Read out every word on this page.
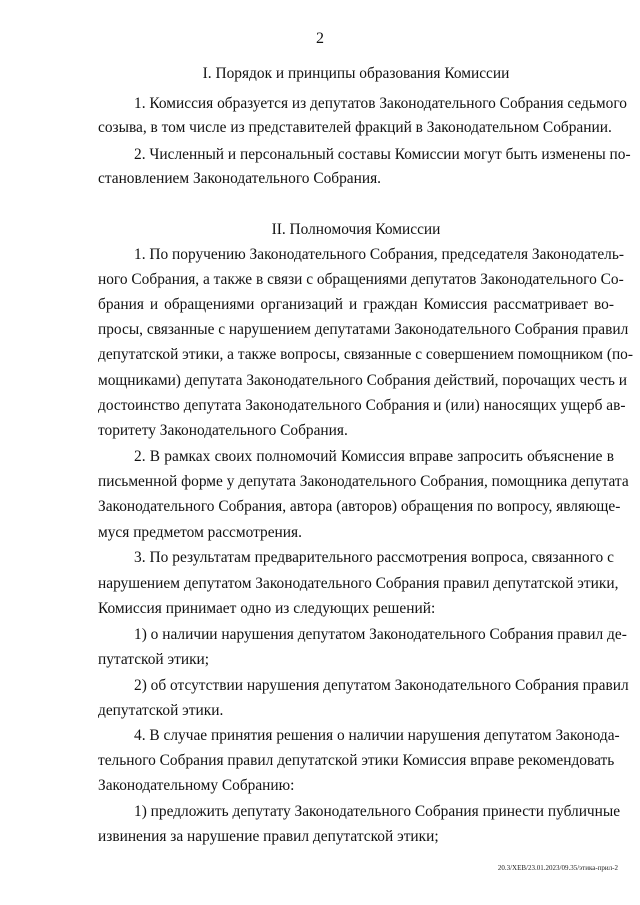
2
I. Порядок и принципы образования Комиссии
1. Комиссия образуется из депутатов Законодательного Собрания седьмого
созыва, в том числе из представителей фракций в Законодательном Собрании.
2. Численный и персональный составы Комиссии могут быть изменены по-
становлением Законодательного Собрания.
II. Полномочия Комиссии
1. По поручению Законодательного Собрания, председателя Законодатель-
ного Собрания, а также в связи с обращениями депутатов Законодательного Со-
брания и обращениями организаций и граждан Комиссия рассматривает во-
просы, связанные с нарушением депутатами Законодательного Собрания правил
депутатской этики, а также вопросы, связанные с совершением помощником (по-
мощниками) депутата Законодательного Собрания действий, порочащих честь и
достоинство депутата Законодательного Собрания и (или) наносящих ущерб ав-
торитету Законодательного Собрания.
2. В рамках своих полномочий Комиссия вправе запросить объяснение в
письменной форме у депутата Законодательного Собрания, помощника депутата
Законодательного Собрания, автора (авторов) обращения по вопросу, являюще-
муся предметом рассмотрения.
3. По результатам предварительного рассмотрения вопроса, связанного с
нарушением депутатом Законодательного Собрания правил депутатской этики,
Комиссия принимает одно из следующих решений:
1) о наличии нарушения депутатом Законодательного Собрания правил де-
путатской этики;
2) об отсутствии нарушения депутатом Законодательного Собрания правил
депутатской этики.
4. В случае принятия решения о наличии нарушения депутатом Законода-
тельного Собрания правил депутатской этики Комиссия вправе рекомендовать
Законодательному Собранию:
1) предложить депутату Законодательного Собрания принести публичные
извинения за нарушение правил депутатской этики;
20.3/ХЕВ/23.01.2023/09.35/этика-прил-2
